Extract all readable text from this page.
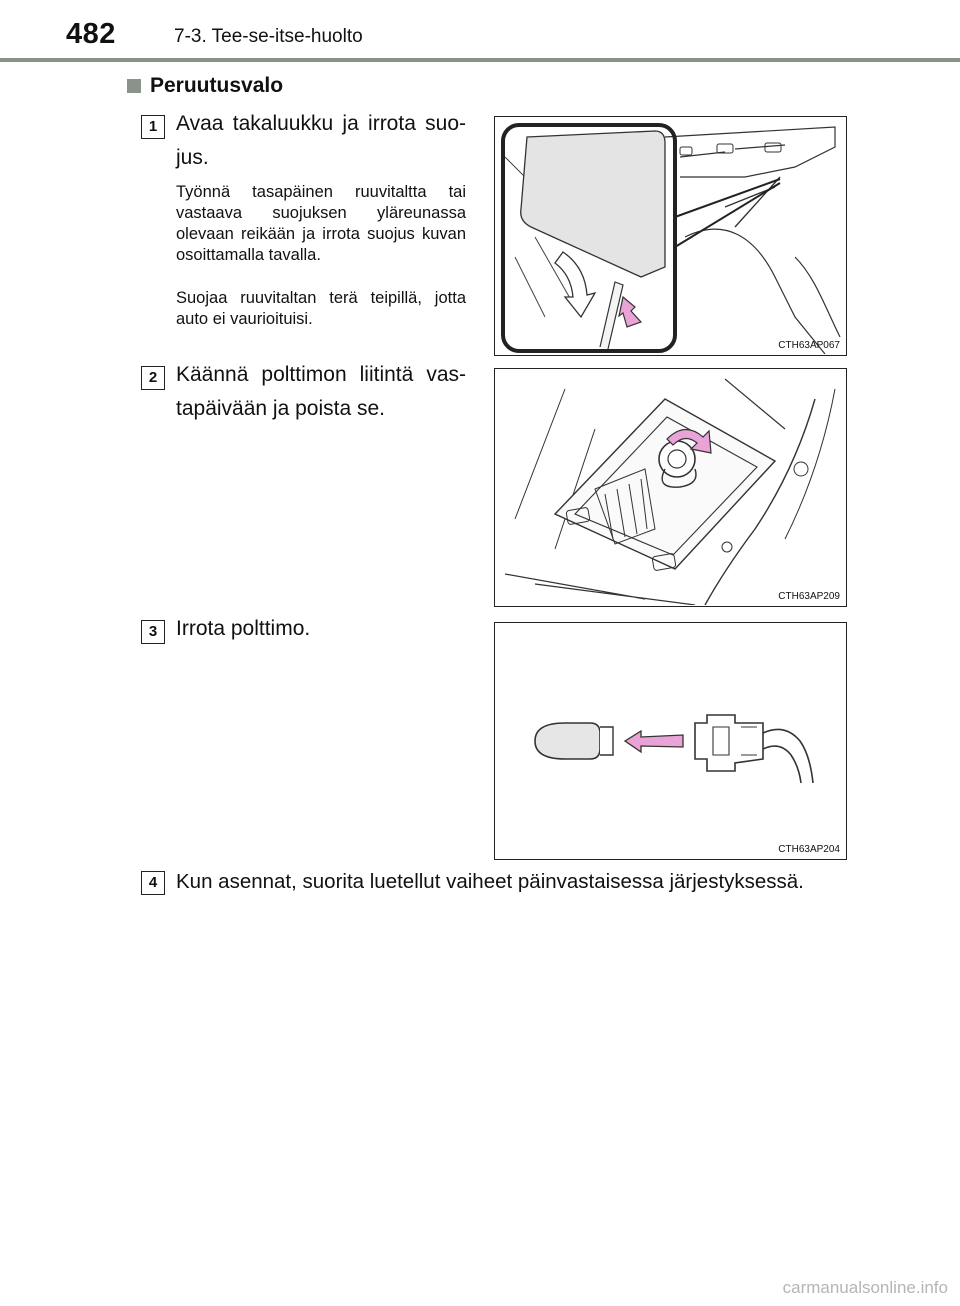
482	7-3. Tee-se-itse-huolto
Peruutusvalo
1 Avaa takaluukku ja irrota suo-jus.
Työnnä tasapäinen ruuvitaltta tai vastaava suojuksen yläreunassa olevaan reikään ja irrota suojus kuvan osoittamalla tavalla.
Suojaa ruuvitaltan terä teipillä, jotta auto ei vaurioituisi.
CTH63AP067
2 Käännä polttimon liitintä vas-tapäivään ja poista se.
CTH63AP209
3 Irrota polttimo.
CTH63AP204
4 Kun asennat, suorita luetellut vaiheet päinvastaisessa järjestyksessä.
carmanualsonline.info
